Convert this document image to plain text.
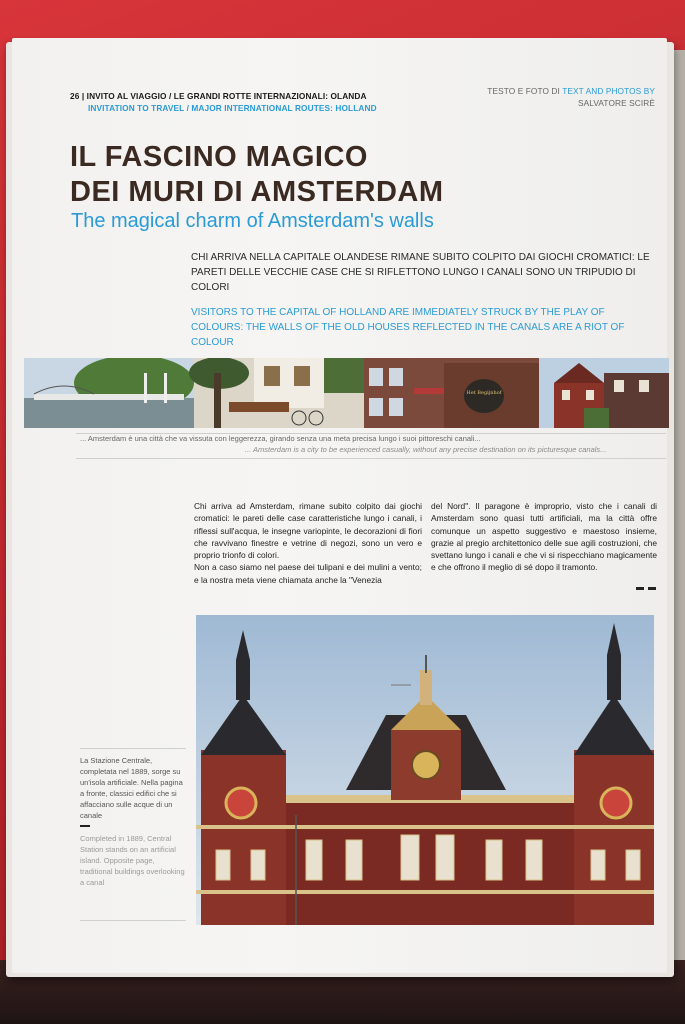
26 | INVITO AL VIAGGIO / LE GRANDI ROTTE INTERNAZIONALI: OLANDA
INVITATION TO TRAVEL / MAJOR INTERNATIONAL ROUTES: HOLLAND
TESTO E FOTO DI TEXT AND PHOTOS BY
SALVATORE SCIRÈ
IL FASCINO MAGICO
DEI MURI DI AMSTERDAM
The magical charm of Amsterdam's walls
CHI ARRIVA NELLA CAPITALE OLANDESE RIMANE SUBITO COLPITO DAI GIOCHI CROMATICI: LE PARETI DELLE VECCHIE CASE CHE SI RIFLETTONO LUNGO I CANALI SONO UN TRIPUDIO DI COLORI
VISITORS TO THE CAPITAL OF HOLLAND ARE IMMEDIATELY STRUCK BY THE PLAY OF COLOURS: THE WALLS OF THE OLD HOUSES REFLECTED IN THE CANALS ARE A RIOT OF COLOUR
Het Begijnhof
... Amsterdam è una città che va vissuta con leggerezza, girando senza una meta precisa lungo i suoi pittoreschi canali...
... Amsterdam is a city to be experienced casually, without any precise destination on its picturesque canals...

Chi arriva ad Amsterdam, rimane subito colpito dai giochi cromatici: le pareti delle case caratteristiche lungo i canali, i riflessi sull'acqua, le insegne variopinte, le decorazioni di fiori che ravvivano finestre e vetrine di negozi, sono un vero e proprio trionfo di colori.

Non a caso siamo nel paese dei tulipani e dei mulini a vento; e la nostra meta viene chiamata anche la "Venezia

del Nord". Il paragone è improprio, visto che i canali di Amsterdam sono quasi tutti artificiali, ma la città offre comunque un aspetto suggestivo e maestoso insieme, grazie al pregio architettonico delle sue agili costruzioni, che svettano lungo i canali e che vi si rispecchiano magicamente e che offrono il meglio di sé dopo il tramonto.

La Stazione Centrale, completata nel 1889, sorge su un'isola artificiale. Nella pagina a fronte, classici edifici che si affacciano sulle acque di un canale
Completed in 1889, Central Station stands on an artificial island. Opposite page, traditional buildings overlooking a canal
